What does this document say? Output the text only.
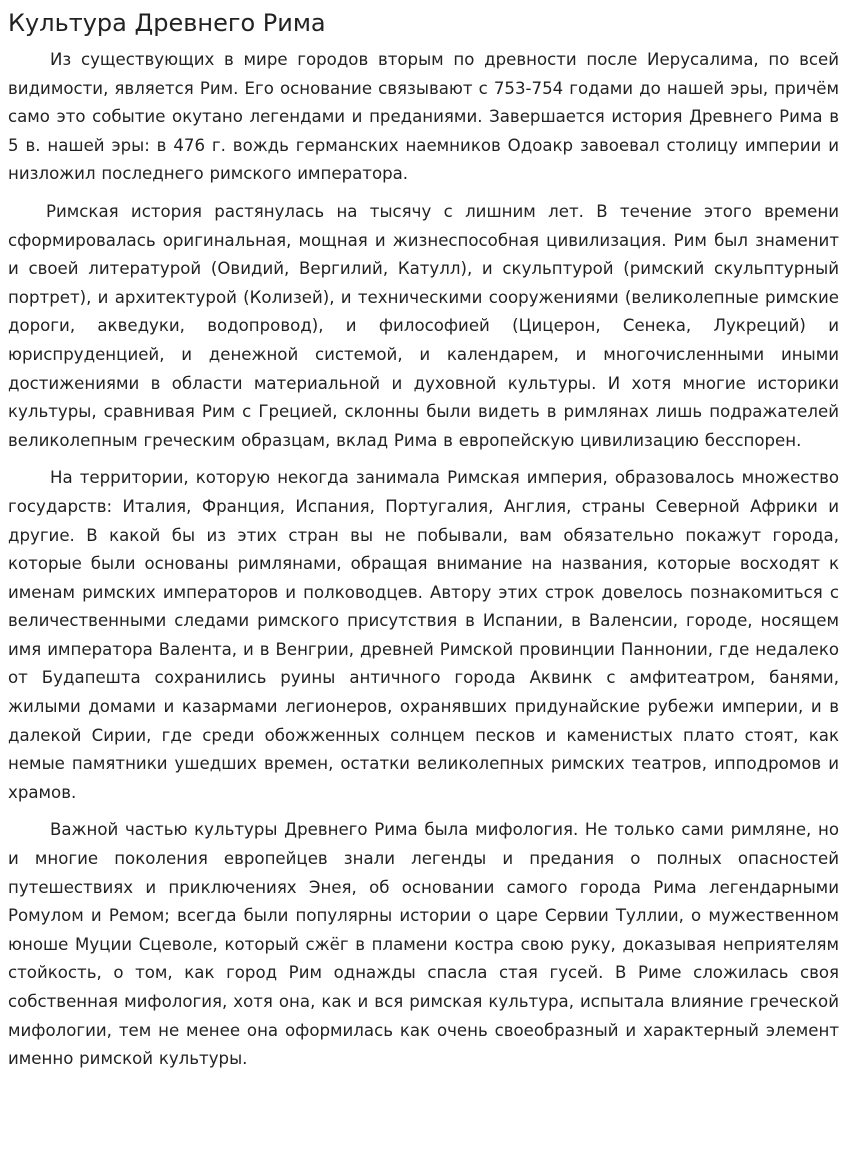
Культура Древнего Рима

Из существующих в мире городов вторым по древности после Иерусалима, по всей видимости, является Рим. Его основание связывают с 753-754 годами до нашей эры, причём само это событие окутано легендами и преданиями. Завершается история Древнего Рима в 5 в. нашей эры: в 476 г. вождь германских наемников Одоакр завоевал столицу империи и низложил последнего римского императора.

Римская история растянулась на тысячу с лишним лет. В течение этого времени сформировалась оригинальная, мощная и жизнеспособная цивилизация. Рим был знаменит и своей литературой (Овидий, Вергилий, Катулл), и скульптурой (римский скульптурный портрет), и архитектурой (Колизей), и техническими сооружениями (великолепные римские дороги, акведуки, водопровод), и философией (Цицерон, Сенека, Лукреций) и юриспруденцией, и денежной системой, и календарем, и многочисленными иными достижениями в области материальной и духовной культуры. И хотя многие историки культуры, сравнивая Рим с Грецией, склонны были видеть в римлянах лишь подражателей великолепным греческим образцам, вклад Рима в европейскую цивилизацию бесспорен.

На территории, которую некогда занимала Римская империя, образовалось множество государств: Италия, Франция, Испания, Португалия, Англия, страны Северной Африки и другие. В какой бы из этих стран вы не побывали, вам обязательно покажут города, которые были основаны римлянами, обращая внимание на названия, которые восходят к именам римских императоров и полководцев. Автору этих строк довелось познакомиться с величественными следами римского присутствия в Испании, в Валенсии, городе, носящем имя императора Валента, и в Венгрии, древней Римской провинции Паннонии, где недалеко от Будапешта сохранились руины античного города Аквинк с амфитеатром, банями, жилыми домами и казармами легионеров, охранявших придунайские рубежи империи, и в далекой Сирии, где среди обожженных солнцем песков и каменистых плато стоят, как немые памятники ушедших времен, остатки великолепных римских театров, ипподромов и храмов.

Важной частью культуры Древнего Рима была мифология. Не только сами римляне, но и многие поколения европейцев знали легенды и предания о полных опасностей путешествиях и приключениях Энея, об основании самого города Рима легендарными Ромулом и Ремом; всегда были популярны истории о царе Сервии Туллии, о мужественном юноше Муции Сцеволе, который сжёг в пламени костра свою руку, доказывая неприятелям стойкость, о том, как город Рим однажды спасла стая гусей. В Риме сложилась своя собственная мифология, хотя она, как и вся римская культура, испытала влияние греческой мифологии, тем не менее она оформилась как очень своеобразный и характерный элемент именно римской культуры.
